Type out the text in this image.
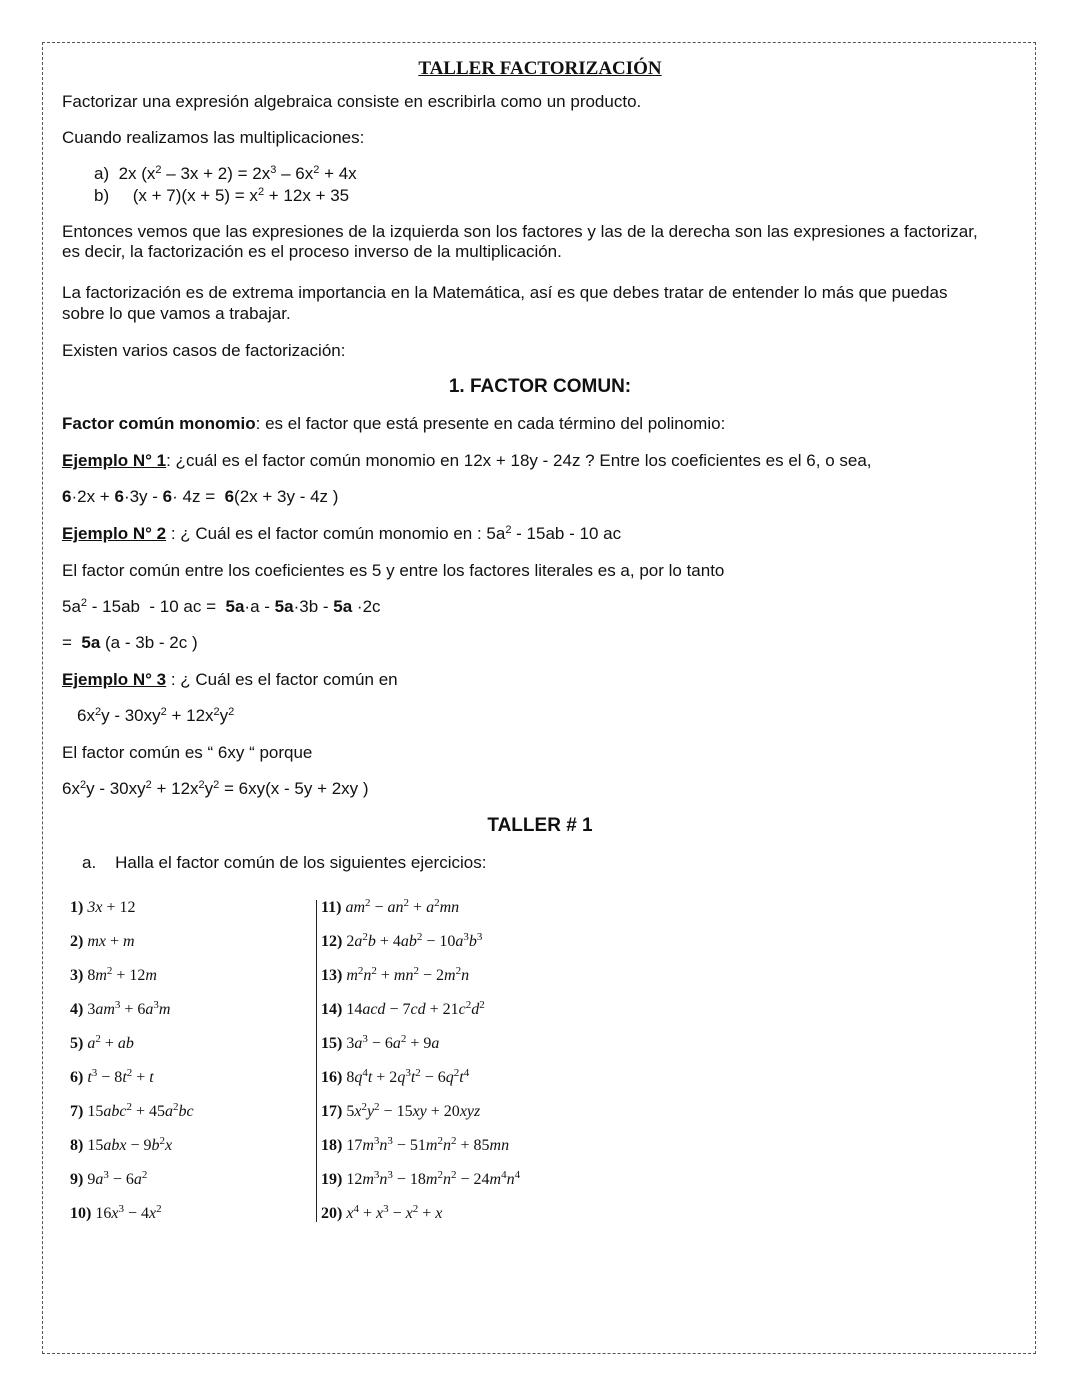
TALLER FACTORIZACIÓN
Factorizar una expresión algebraica consiste en escribirla como un producto.
Cuando realizamos las multiplicaciones:
a)  2x $(x^2 - 3x + 2) = 2x^3 - 6x^2 + 4x$
b)     $(x + 7)(x + 5) = x^2 + 12x + 35$
Entonces vemos que las expresiones de la izquierda son los factores y las de la derecha son las expresiones a factorizar,
es decir, la factorización es el proceso inverso de la multiplicación.
La factorización es de extrema importancia en la Matemática, así es que debes tratar de entender lo más que puedas
sobre lo que vamos a trabajar.
Existen varios casos de factorización:
1. FACTOR COMUN:
Factor común monomio: es el factor que está presente en cada término del polinomio:
Ejemplo N° 1: ¿cuál es el factor común monomio en 12x + 18y - 24z ? Entre los coeficientes es el 6, o sea,
6·2x + 6·3y - 6· 4z =  6(2x + 3y - 4z )
Ejemplo N° 2 : ¿ Cuál es el factor común monomio en : $5a^2 - 15ab - 10$ ac
El factor común entre los coeficientes es 5 y entre los factores literales es a, por lo tanto
$5a^2 - 15ab - 10$ ac =  5a·a - 5a·3b - 5a ·2c
=  5a (a - 3b - 2c )
Ejemplo N° 3 : ¿ Cuál es el factor común en
$6x^2y - 30xy^2 + 12x^2y^2$
El factor común es “ 6xy “ porque
$6x^2y - 30xy^2 + 12x^2y^2 = 6xy(x - 5y + 2xy$ )
TALLER # 1
a. Halla el factor común de los siguientes ejercicios:
1) 3x + 12
2) mx + m
3) $8m^2 + 12m$
4) $3am^3 + 6a^3m$
5) $a^2$ + ab
6) $t^3 - 8t^2 + t$
7) $15abc^2 + 45a^2bc$
8) $15abx - 9b^2x$
9) $9a^3 - 6a^2$
10) $16x^3 - 4x^2$
11) $am^2 - an^2 + a^2mn$
12) $2a^2b + 4ab^2 - 10a^3b^3$
13) $m^2n^2 + mn^2 - 2m^2n$
14) $14acd - 7cd + 21c^2d^2$
15) $3a^3 - 6a^2 + 9a$
16) $8q^4t + 2q^3t^2 - 6q^2t^4$
17) $5x^2y^2 - 15xy + 20xyz$
18) $17m^3n^3 - 51m^2n^2 + 85mn$
19) $12m^3n^3 - 18m^2n^2 - 24m^4n^4$
20) $x^4 + x^3 - x^2 + x$
